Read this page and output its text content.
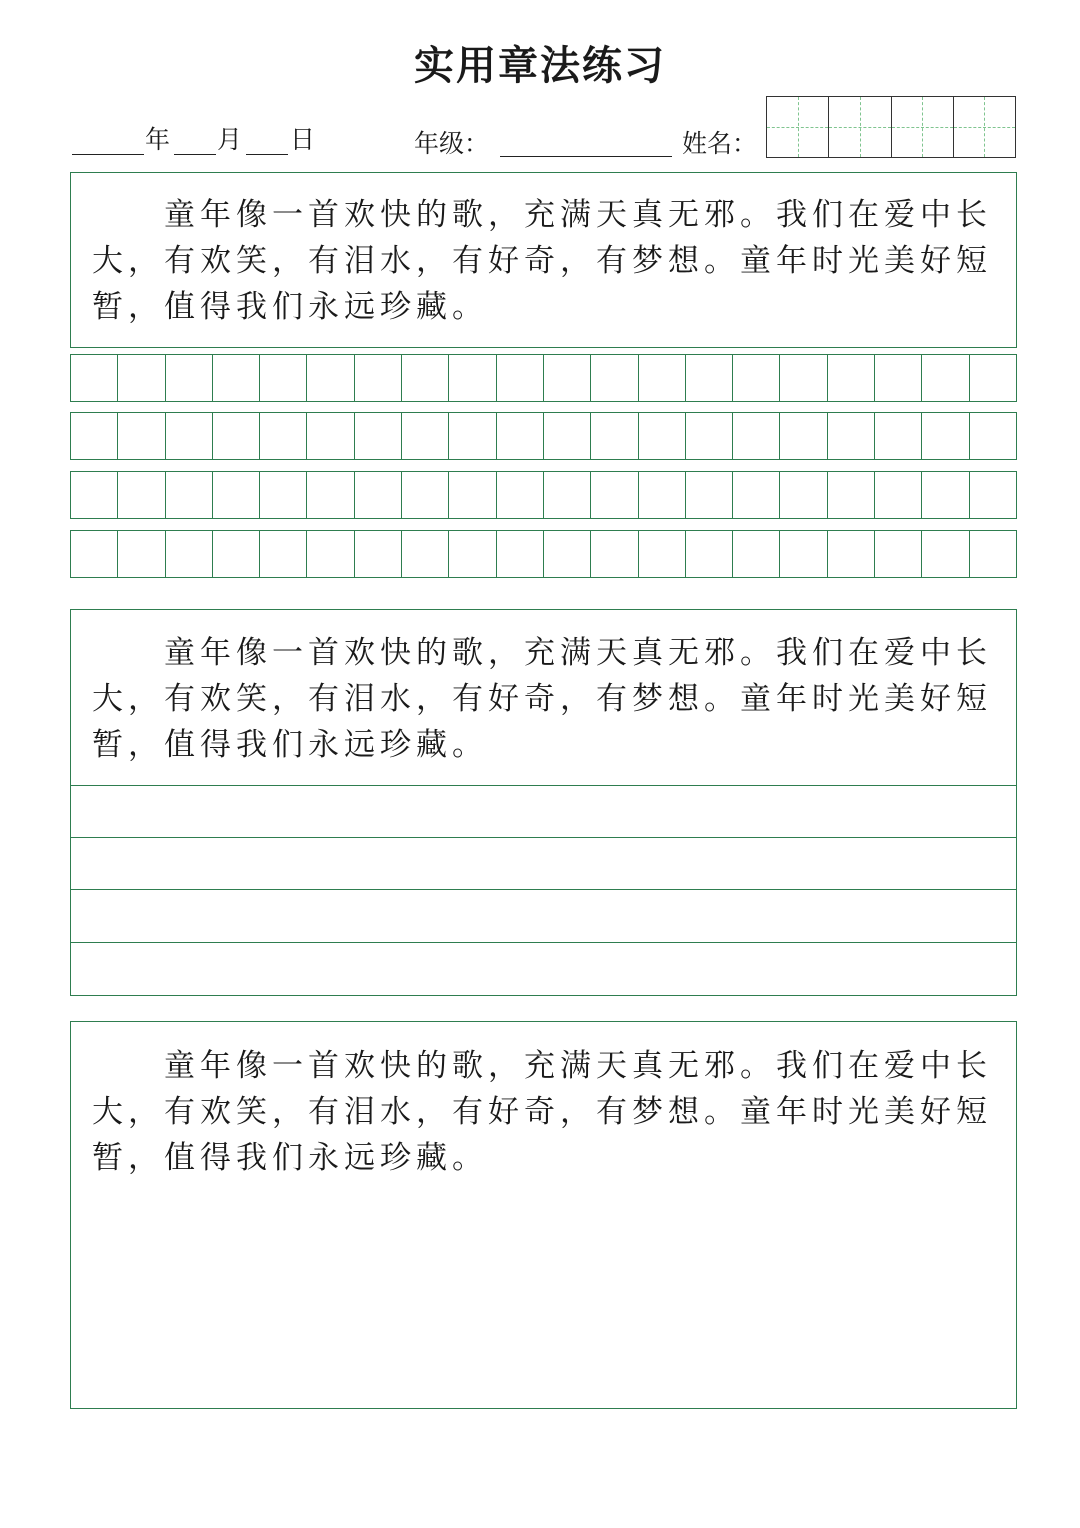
实用章法练习
年 月 日	年级：	姓名：

童年像一首欢快的歌，充满天真无邪。我们在爱中长大，有欢笑，有泪水，有好奇，有梦想。童年时光美好短暂，值得我们永远珍藏。

童年像一首欢快的歌，充满天真无邪。我们在爱中长大，有欢笑，有泪水，有好奇，有梦想。童年时光美好短暂，值得我们永远珍藏。

童年像一首欢快的歌，充满天真无邪。我们在爱中长大，有欢笑，有泪水，有好奇，有梦想。童年时光美好短暂，值得我们永远珍藏。
